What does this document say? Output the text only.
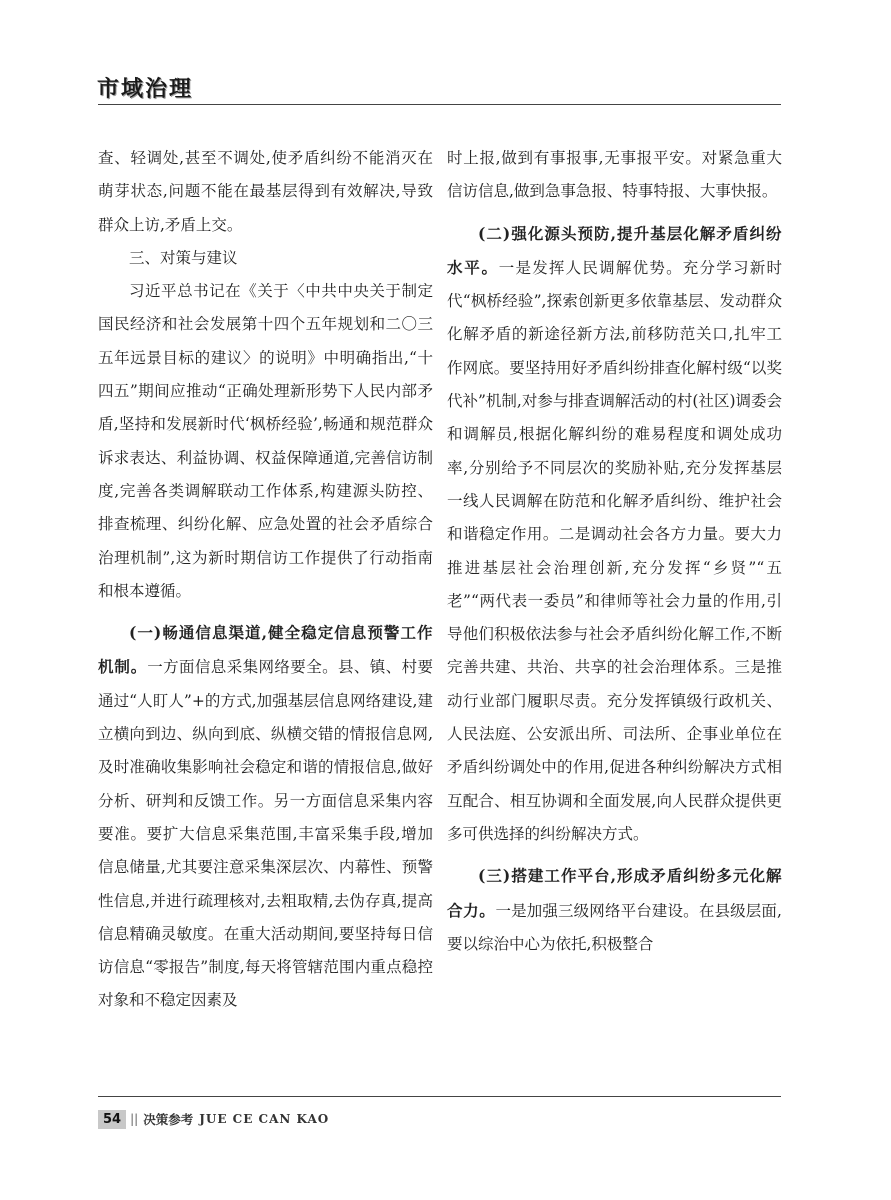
市域治理

查、轻调处,甚至不调处,使矛盾纠纷不能消灭在萌芽状态,问题不能在最基层得到有效解决,导致群众上访,矛盾上交。

三、对策与建议

习近平总书记在《关于〈中共中央关于制定国民经济和社会发展第十四个五年规划和二〇三五年远景目标的建议〉的说明》中明确指出,“十四五”期间应推动“正确处理新形势下人民内部矛盾,坚持和发展新时代‘枫桥经验’,畅通和规范群众诉求表达、利益协调、权益保障通道,完善信访制度,完善各类调解联动工作体系,构建源头防控、排查梳理、纠纷化解、应急处置的社会矛盾综合治理机制”,这为新时期信访工作提供了行动指南和根本遵循。

(一)畅通信息渠道,健全稳定信息预警工作机制。一方面信息采集网络要全。县、镇、村要通过“人盯人”+的方式,加强基层信息网络建设,建立横向到边、纵向到底、纵横交错的情报信息网,及时准确收集影响社会稳定和谐的情报信息,做好分析、研判和反馈工作。另一方面信息采集内容要准。要扩大信息采集范围,丰富采集手段,增加信息储量,尤其要注意采集深层次、内幕性、预警性信息,并进行疏理核对,去粗取精,去伪存真,提高信息精确灵敏度。在重大活动期间,要坚持每日信访信息“零报告”制度,每天将管辖范围内重点稳控对象和不稳定因素及

时上报,做到有事报事,无事报平安。对紧急重大信访信息,做到急事急报、特事特报、大事快报。

(二)强化源头预防,提升基层化解矛盾纠纷水平。一是发挥人民调解优势。充分学习新时代“枫桥经验”,探索创新更多依靠基层、发动群众化解矛盾的新途径新方法,前移防范关口,扎牢工作网底。要坚持用好矛盾纠纷排查化解村级“以奖代补”机制,对参与排查调解活动的村(社区)调委会和调解员,根据化解纠纷的难易程度和调处成功率,分别给予不同层次的奖励补贴,充分发挥基层一线人民调解在防范和化解矛盾纠纷、维护社会和谐稳定作用。二是调动社会各方力量。要大力推进基层社会治理创新,充分发挥“乡贤”“五老”“两代表一委员”和律师等社会力量的作用,引导他们积极依法参与社会矛盾纠纷化解工作,不断完善共建、共治、共享的社会治理体系。三是推动行业部门履职尽责。充分发挥镇级行政机关、人民法庭、公安派出所、司法所、企事业单位在矛盾纠纷调处中的作用,促进各种纠纷解决方式相互配合、相互协调和全面发展,向人民群众提供更多可供选择的纠纷解决方式。

(三)搭建工作平台,形成矛盾纠纷多元化解合力。一是加强三级网络平台建设。在县级层面,要以综治中心为依托,积极整合

54 || 决策参考 JUE CE CAN KAO
